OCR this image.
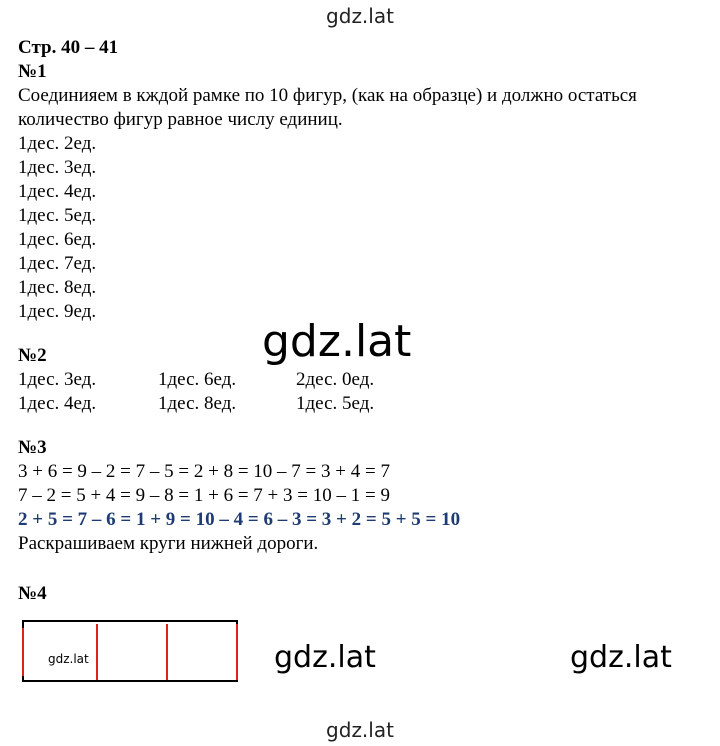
gdz.lat
Стр. 40 – 41
№1
Соединияем в кждой рамке по 10 фигур, (как на образце) и должно остаться
количество фигур равное числу единиц.
1дес. 2ед.
1дес. 3ед.
1дес. 4ед.
1дес. 5ед.
1дес. 6ед.
1дес. 7ед.
1дес. 8ед.
1дес. 9ед.
№2
1дес. 3ед.	1дес. 6ед.	2дес. 0ед.
1дес. 4ед.	1дес. 8ед.	1дес. 5ед.
№3
3 + 6 = 9 – 2 = 7 – 5 = 2 + 8 = 10 – 7 = 3 + 4 = 7
7 – 2 = 5 + 4 = 9 – 8 = 1 + 6 = 7 + 3 = 10 – 1 = 9
2 + 5 = 7 – 6 = 1 + 9 = 10 – 4 = 6 – 3 = 3 + 2 = 5 + 5 = 10
Раскрашиваем круги нижней дороги.
№4
gdz.lat
gdz.lat	gdz.lat	gdz.lat
gdz.lat
